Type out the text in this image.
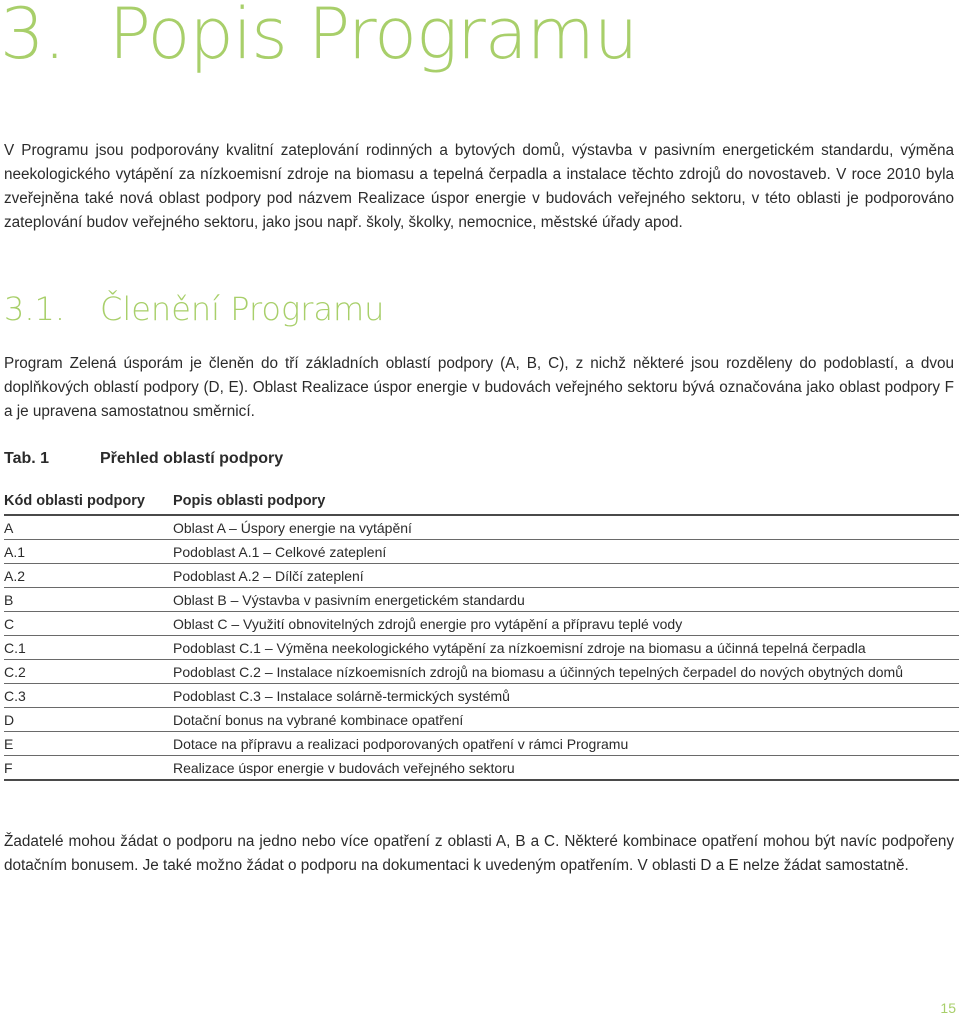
3. Popis Programu

V Programu jsou podporovány kvalitní zateplování rodinných a bytových domů, výstavba v pasivním energetickém standardu, výměna neekologického vytápění za nízkoemisní zdroje na biomasu a tepelná čerpadla a instalace těchto zdrojů do novostaveb. V roce 2010 byla zveřejněna také nová oblast podpory pod názvem Realizace úspor energie v budovách veřejného sektoru, v této oblasti je podporováno zateplování budov veřejného sektoru, jako jsou např. školy, školky, nemocnice, městské úřady apod.

3.1. Členění Programu

Program Zelená úsporám je členěn do tří základních oblastí podpory (A, B, C), z nichž některé jsou rozděleny do podoblastí, a dvou doplňkových oblastí podpory (D, E). Oblast Realizace úspor energie v budovách veřejného sektoru bývá označována jako oblast podpory F a je upravena samostatnou směrnicí.

Tab. 1	Přehled oblastí podpory
Kód oblasti podpory	Popis oblasti podpory
A	Oblast A – Úspory energie na vytápění
A.1	Podoblast A.1 – Celkové zateplení
A.2	Podoblast A.2 – Dílčí zateplení
B	Oblast B – Výstavba v pasivním energetickém standardu
C	Oblast C – Využití obnovitelných zdrojů energie pro vytápění a přípravu teplé vody
C.1	Podoblast C.1 – Výměna neekologického vytápění za nízkoemisní zdroje na biomasu a účinná tepelná čerpadla
C.2	Podoblast C.2 – Instalace nízkoemisních zdrojů na biomasu a účinných tepelných čerpadel do nových obytných domů
C.3	Podoblast C.3 – Instalace solárně-termických systémů
D	Dotační bonus na vybrané kombinace opatření
E	Dotace na přípravu a realizaci podporovaných opatření v rámci Programu
F	Realizace úspor energie v budovách veřejného sektoru

Žadatelé mohou žádat o podporu na jedno nebo více opatření z oblasti A, B a C. Některé kombinace opatření mohou být navíc podpořeny dotačním bonusem. Je také možno žádat o podporu na dokumentaci k uvedeným opatřením. V oblasti D a E nelze žádat samostatně.

15
